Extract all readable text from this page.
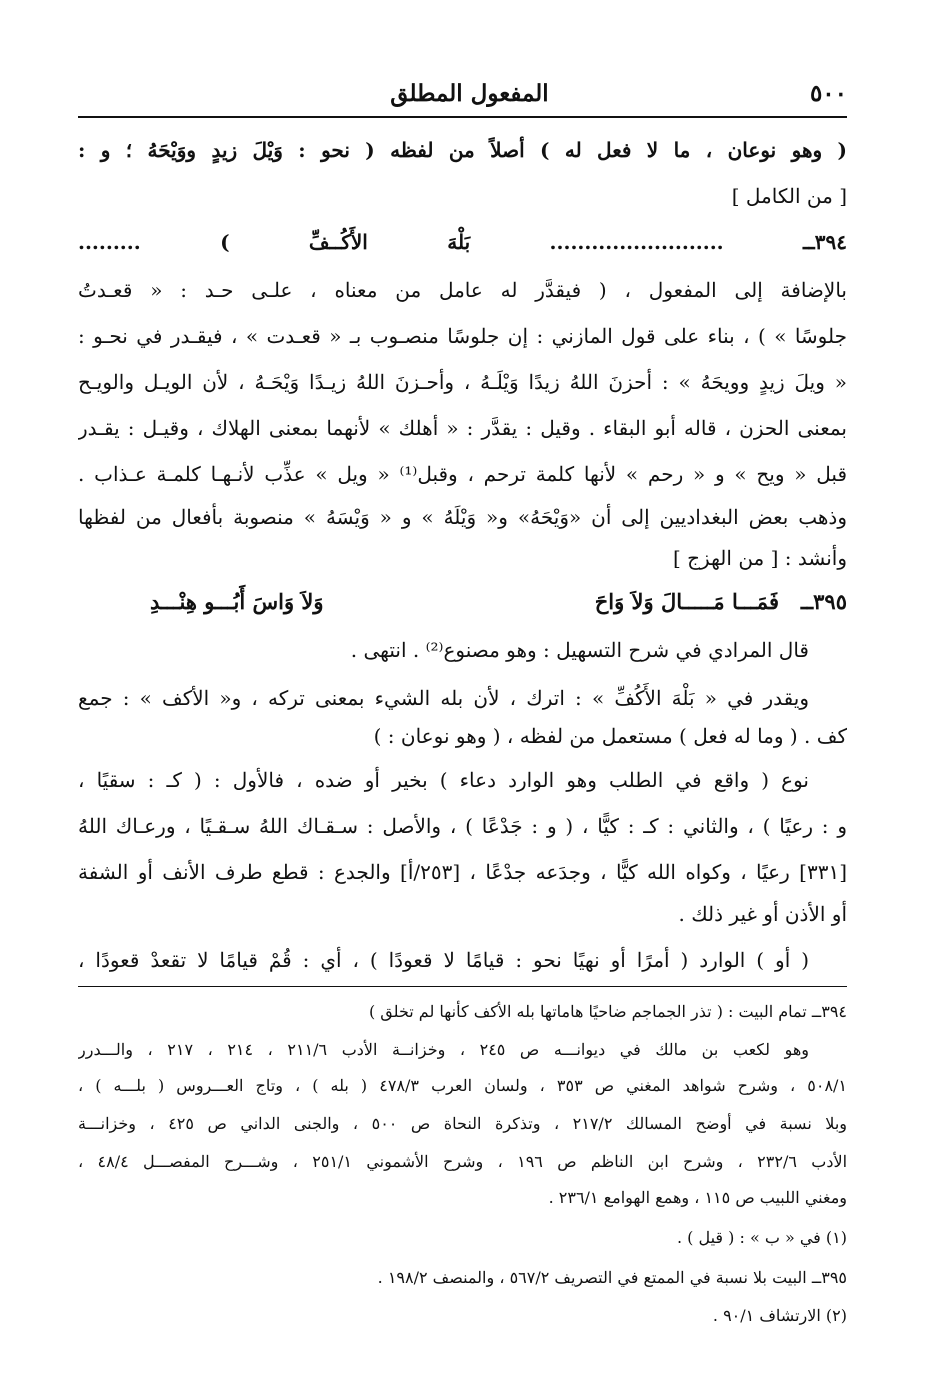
٥٠٠
المفعول المطلق
( وهو نوعان ، ما لا فعل له ) أصلاً من لفظه ( نحو : وَيْلَ زيدٍ ووَيْحَهُ ؛ و :
[ من الكامل ]
٣٩٤ــ ......................... بَلْهَ الأَكُــفِّ ) .........
بالإضافة إلى المفعول ، ( فيقدَّر له عامل من معناه ، علـى حـد : « قعـدتُ
جلوسًا » ) ، بناء على قول المازني : إن جلوسًا منصـوب بـ « قعـدت » ، فيقـدر في نحـو :
« ويلَ زيدٍ وويحَهُ » : أحزنَ اللهُ زيدًا وَيْلَـهُ ، وأحـزنَ اللهُ زيـدًا وَيْحَـهُ ، لأن الويـل والويـح
بمعنى الحزن ، قاله أبو البقاء . وقيل : يقدَّر : « أهلك » لأنهما بمعنى الهلاك ، وقيـل : يقـدر
قبل « ويح » و « رحم » لأنها كلمة ترحم ، وقبل⁽¹⁾ « ويل » عذِّب لأنـهـا كلمـة عـذاب .
وذهب بعض البغداديين إلى أن «وَيْحَهُ» و« وَيْلَهُ » و « وَيْسَهُ » منصوبة بأفعال من لفظها
وأنشد : [ من الهزج ]
٣٩٥ــ
فَمَـــا مَـــــالَ وَلاَ وَاحَ
وَلاَ وَاسَ أَبُـــو هِنْـــدِ
قال المرادي في شرح التسهيل : وهو مصنوع⁽²⁾ . انتهى .
ويقدر في « بَلْهَ الأَكُفِّ » : اترك ، لأن بله الشيء بمعنى تركه ، و« الأكف » : جمع
كف . ( وما له فعل ) مستعمل من لفظه ، ( وهو نوعان : )
نوع ( واقع في الطلب وهو الوارد دعاء ) بخير أو ضده ، فالأول : ( كـ : سقيًا ،
و : رعيًا ) ، والثاني : كـ : كيًّا ، ( و : جَدْعًا ) ، والأصل : سـقـاك اللهُ سـقـيًا ، ورعـاك اللهُ
[٣٣١] رعيًا ، وكواه الله كيًّا ، وجدَعه جدْعًا ، [٢٥٣/أ] والجدع : قطع طرف الأنف أو الشفة
أو الأذن أو غير ذلك .
( أو ) الوارد ( أمرًا أو نهيًا نحو : قيامًا لا قعودًا ) ، أي : قُمْ قيامًا لا تقعدْ قعودًا ،
٣٩٤ــ تمام البيت : ( تذر الجماجم ضاحيًا هاماتها بله الأكف كأنها لم تخلق )
وهو لكعب بن مالك في ديوانـــه ص ٢٤٥ ، وخزانــة الأدب ٢١١/٦ ، ٢١٤ ، ٢١٧ ، والـــدرر
٥٠٨/١ ، وشرح شواهد المغني ص ٣٥٣ ، ولسان العرب ٤٧٨/٣ ( بله ) ، وتاج العـــروس ( بلـــه ) ،
وبلا نسبة في أوضح المسالك ٢١٧/٢ ، وتذكرة النحاة ص ٥٠٠ ، والجنى الداني ص ٤٢٥ ، وخزانـــة
الأدب ٢٣٢/٦ ، وشرح ابن الناظم ص ١٩٦ ، وشرح الأشموني ٢٥١/١ ، وشـــرح المفصـــل ٤٨/٤ ،
ومغني اللبيب ص ١١٥ ، وهمع الهوامع ٢٣٦/١ .
(١) في « ب » : ( قيل ) .
٣٩٥ــ البيت بلا نسبة في الممتع في التصريف ٥٦٧/٢ ، والمنصف ١٩٨/٢ .
(٢) الارتشاف ٩٠/١ .
